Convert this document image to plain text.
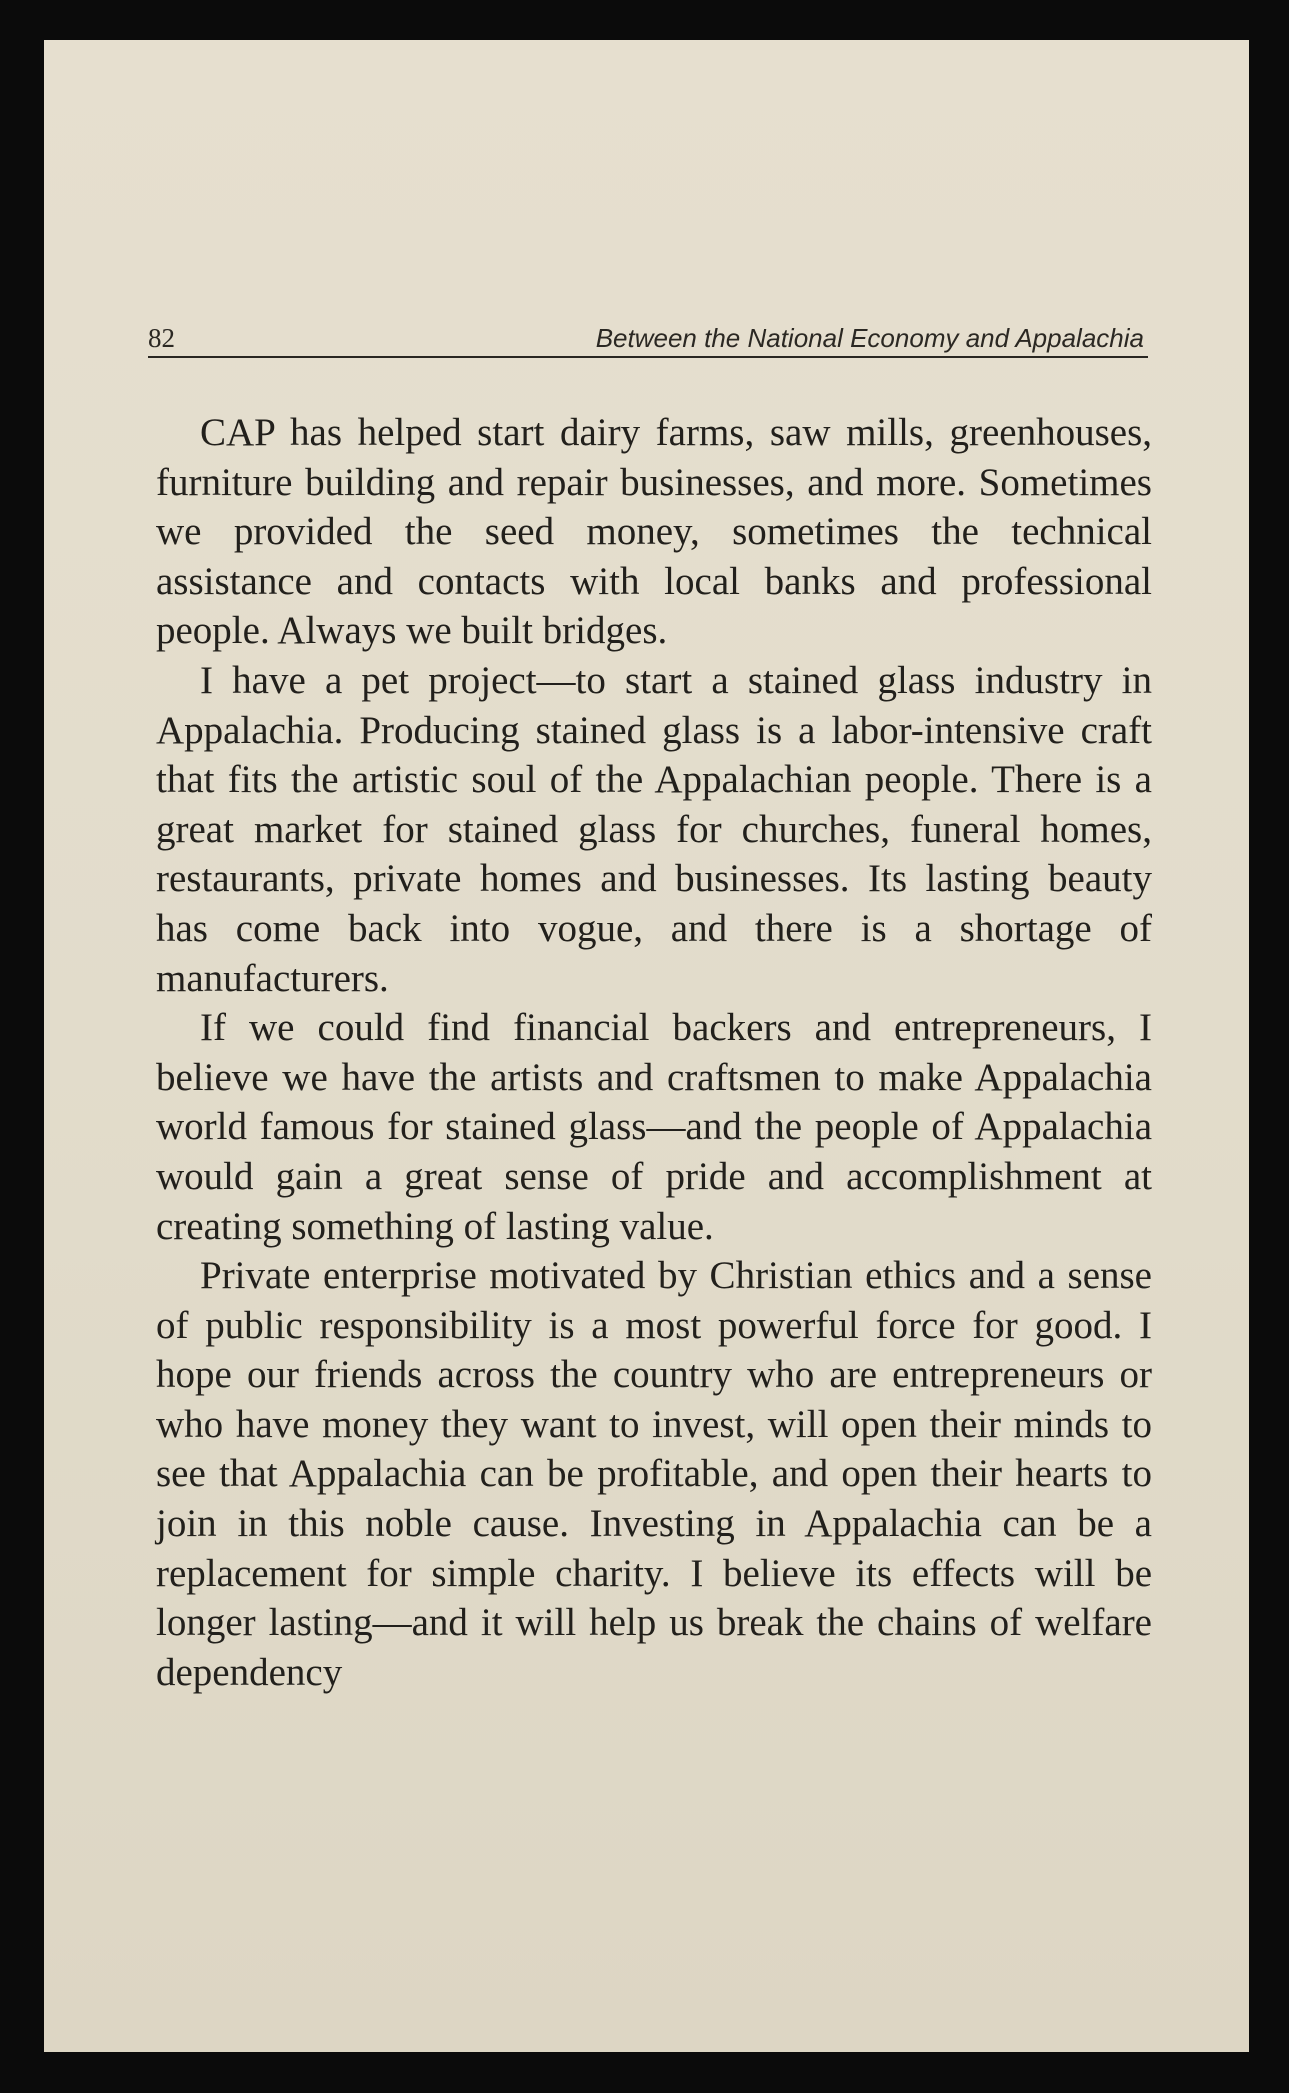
82	Between the National Economy and Appalachia

CAP has helped start dairy farms, saw mills, greenhouses, furniture building and repair businesses, and more. Sometimes we provided the seed money, sometimes the technical assistance and contacts with local banks and professional people. Always we built bridges.

I have a pet project—to start a stained glass industry in Appalachia. Producing stained glass is a labor-intensive craft that fits the artistic soul of the Appalachian people. There is a great market for stained glass for churches, funeral homes, restaurants, private homes and businesses. Its lasting beauty has come back into vogue, and there is a shortage of manufacturers.

If we could find financial backers and entrepreneurs, I believe we have the artists and craftsmen to make Appalachia world famous for stained glass—and the people of Appalachia would gain a great sense of pride and accomplishment at creating something of lasting value.

Private enterprise motivated by Christian ethics and a sense of public responsibility is a most powerful force for good. I hope our friends across the country who are entrepreneurs or who have money they want to invest, will open their minds to see that Appalachia can be profitable, and open their hearts to join in this noble cause. Investing in Appalachia can be a replacement for simple charity. I believe its effects will be longer lasting—and it will help us break the chains of welfare dependency
